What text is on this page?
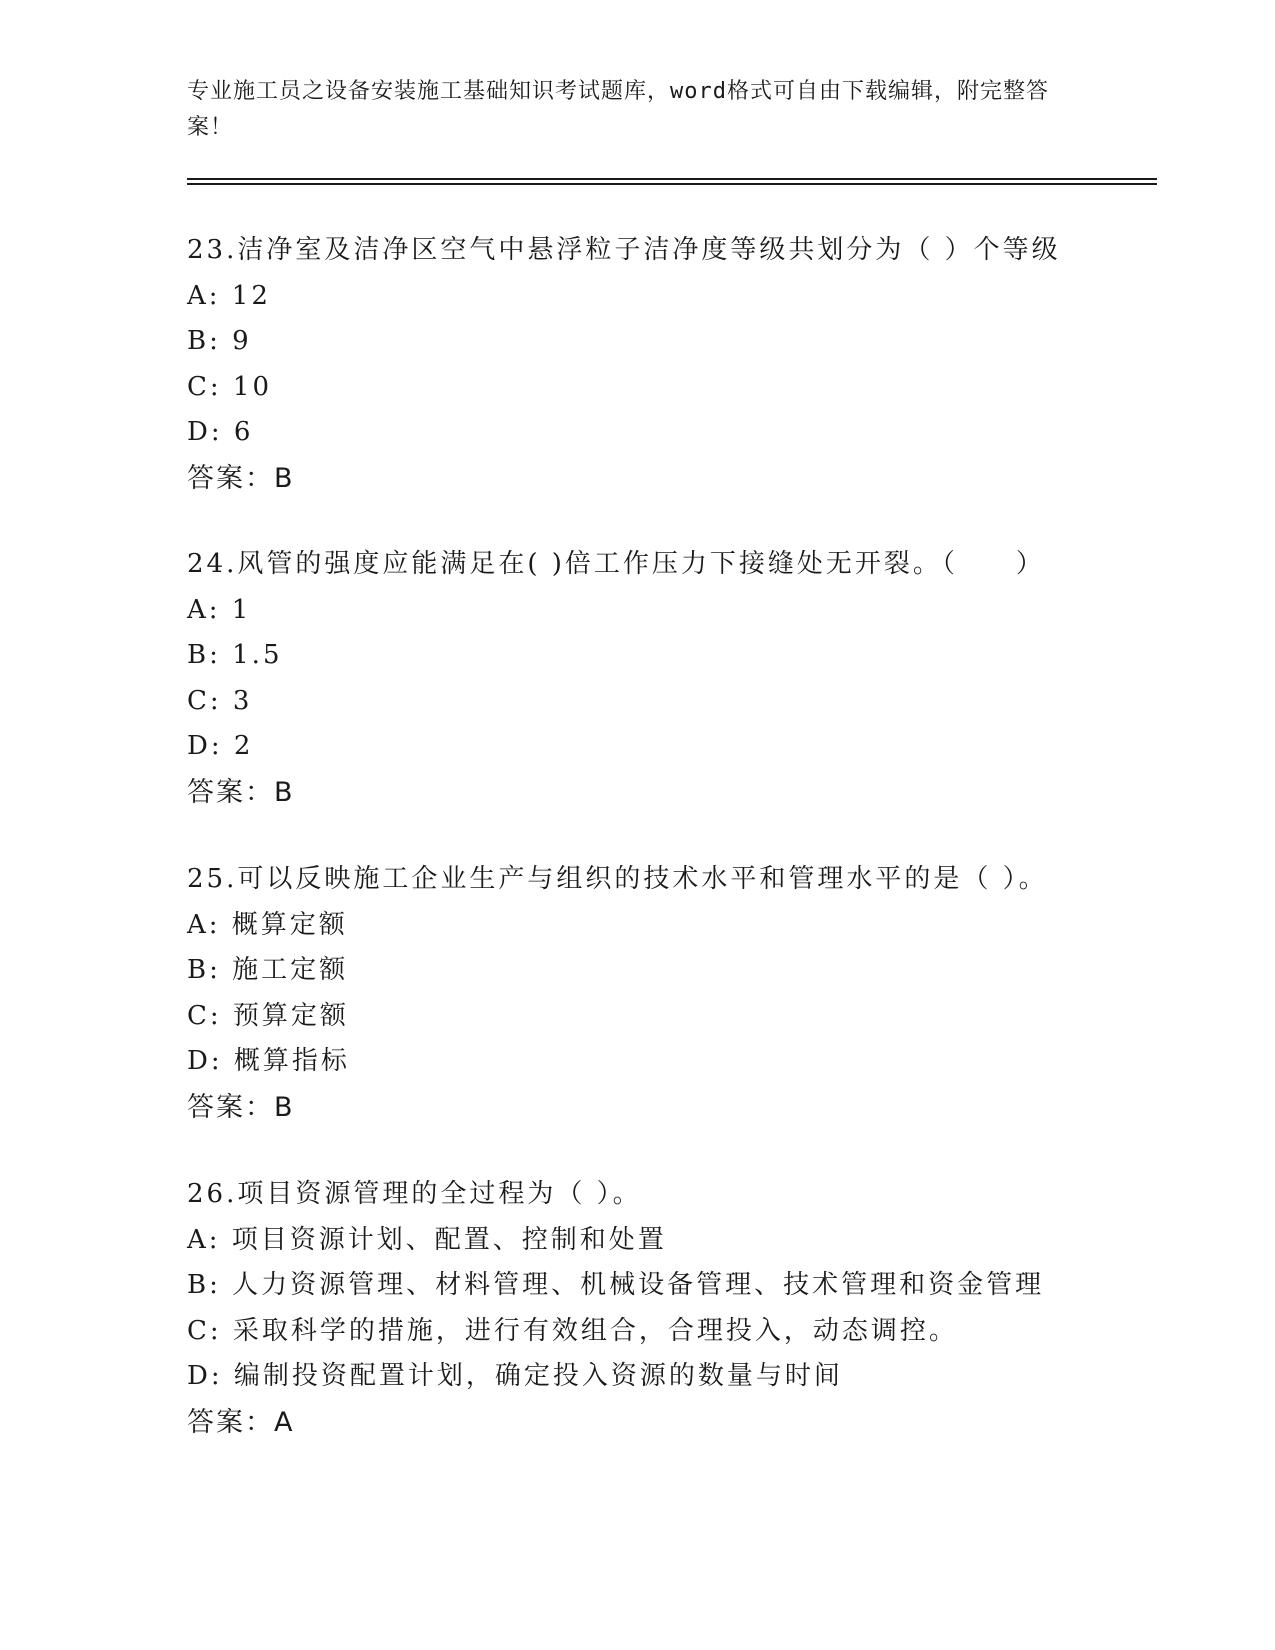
专业施工员之设备安装施工基础知识考试题库，word格式可自由下载编辑，附完整答案！
23.洁净室及洁净区空气中悬浮粒子洁净度等级共划分为（ ）个等级
A: 12
B: 9
C: 10
D: 6
答案：B
24.风管的强度应能满足在( )倍工作压力下接缝处无开裂。（　　）
A: 1
B: 1.5
C: 3
D: 2
答案：B
25.可以反映施工企业生产与组织的技术水平和管理水平的是（ ）。
A: 概算定额
B: 施工定额
C: 预算定额
D: 概算指标
答案：B
26.项目资源管理的全过程为（ ）。
A: 项目资源计划、配置、控制和处置
B: 人力资源管理、材料管理、机械设备管理、技术管理和资金管理
C: 采取科学的措施，进行有效组合，合理投入，动态调控。
D: 编制投资配置计划，确定投入资源的数量与时间
答案：A
